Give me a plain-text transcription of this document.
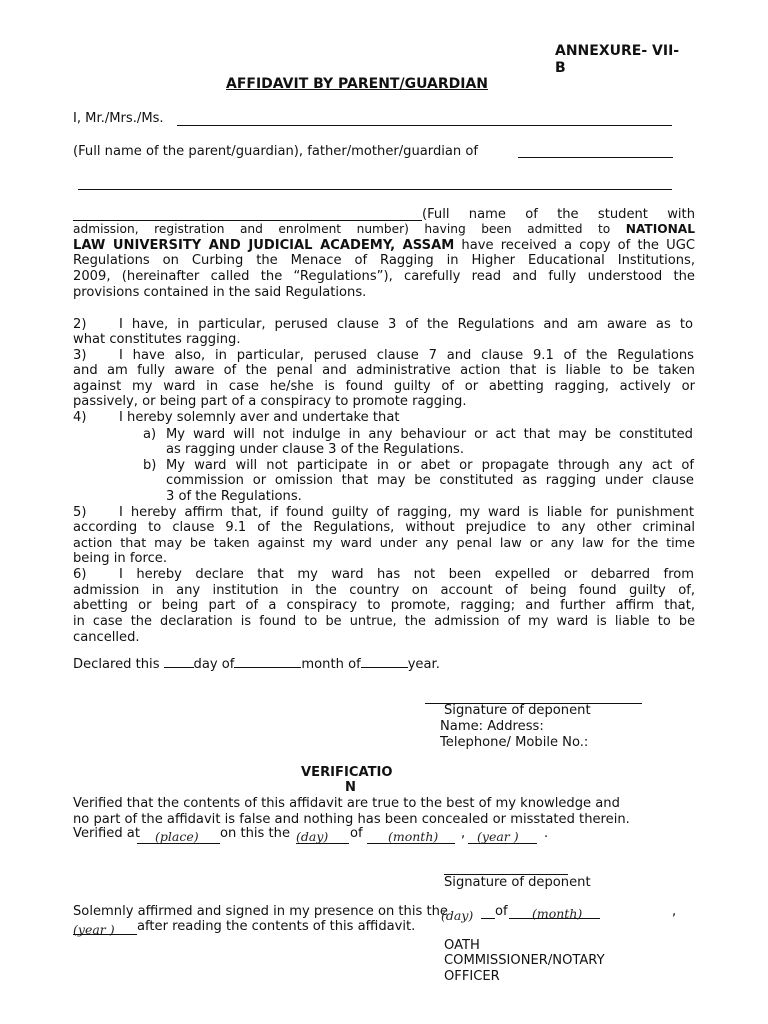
ANNEXURE- VII-
B
AFFIDAVIT BY PARENT/GUARDIAN
I, Mr./Mrs./Ms.
(Full name of the parent/guardian), father/mother/guardian of
(Full name of the student with
admission, registration and enrolment number) having been admitted to NATIONAL
LAW UNIVERSITY AND JUDICIAL ACADEMY, ASSAM have received a copy of the UGC
Regulations on Curbing the Menace of Ragging in Higher Educational Institutions,
2009, (hereinafter called the “Regulations”), carefully read and fully understood the
provisions contained in the said Regulations.
2) I have, in particular, perused clause 3 of the Regulations and am aware as to
what constitutes ragging.
3) I have also, in particular, perused clause 7 and clause 9.1 of the Regulations
and am fully aware of the penal and administrative action that is liable to be taken
against my ward in case he/she is found guilty of or abetting ragging, actively or
passively, or being part of a conspiracy to promote ragging.
4) I hereby solemnly aver and undertake that
a) My ward will not indulge in any behaviour or act that may be constituted
as ragging under clause 3 of the Regulations.
b) My ward will not participate in or abet or propagate through any act of
commission or omission that may be constituted as ragging under clause
3 of the Regulations.
5) I hereby affirm that, if found guilty of ragging, my ward is liable for punishment
according to clause 9.1 of the Regulations, without prejudice to any other criminal
action that may be taken against my ward under any penal law or any law for the time
being in force.
6) I hereby declare that my ward has not been expelled or debarred from
admission in any institution in the country on account of being found guilty of,
abetting or being part of a conspiracy to promote, ragging; and further affirm that,
in case the declaration is found to be untrue, the admission of my ward is liable to be
cancelled.
Declared this	day of	month of	year.
Signature of deponent
Name: Address:
Telephone/ Mobile No.:
VERIFICATIO
N
Verified that the contents of this affidavit are true to the best of my knowledge and
no part of the affidavit is false and nothing has been concealed or misstated therein.
Verified at (place) on this the (day) of (month) , (year ) .
Signature of deponent
Solemnly affirmed and signed in my presence on this the
(day) of (month)	,
(year ) after reading the contents of this affidavit.
OATH
COMMISSIONER/NOTARY
OFFICER
